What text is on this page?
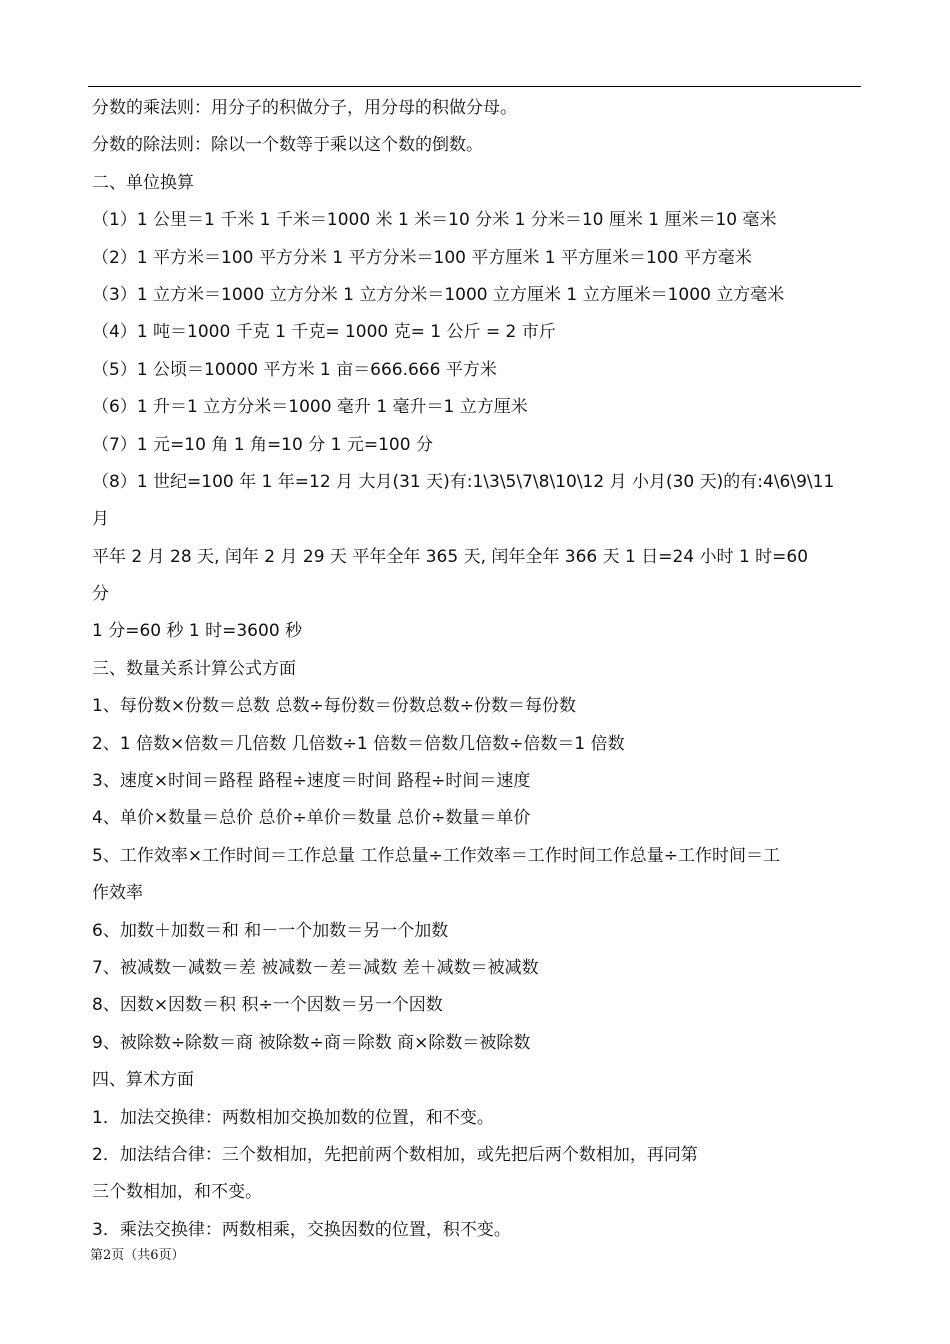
分数的乘法则：用分子的积做分子，用分母的积做分母。
分数的除法则：除以一个数等于乘以这个数的倒数。
二、单位换算
（1）1 公里＝1 千米 1 千米＝1000 米 1 米＝10 分米 1 分米＝10 厘米 1 厘米＝10 毫米
（2）1 平方米＝100 平方分米 1 平方分米＝100 平方厘米 1 平方厘米＝100 平方毫米
（3）1 立方米＝1000 立方分米 1 立方分米＝1000 立方厘米 1 立方厘米＝1000 立方毫米
（4）1 吨＝1000 千克 1 千克= 1000 克= 1 公斤 = 2 市斤
（5）1 公顷＝10000 平方米 1 亩＝666.666 平方米
（6）1 升＝1 立方分米＝1000 毫升 1 毫升＝1 立方厘米
（7）1 元=10 角 1 角=10 分 1 元=100 分
（8）1 世纪=100 年 1 年=12 月 大月(31 天)有:1\3\5\7\8\10\12 月 小月(30 天)的有:4\6\9\11
月
平年 2 月 28 天, 闰年 2 月 29 天 平年全年 365 天, 闰年全年 366 天 1 日=24 小时 1 时=60
分
1 分=60 秒 1 时=3600 秒
三、数量关系计算公式方面
1、每份数×份数＝总数 总数÷每份数＝份数总数÷份数＝每份数
2、1 倍数×倍数＝几倍数 几倍数÷1 倍数＝倍数几倍数÷倍数＝1 倍数
3、速度×时间＝路程 路程÷速度＝时间 路程÷时间＝速度
4、单价×数量＝总价 总价÷单价＝数量 总价÷数量＝单价
5、工作效率×工作时间＝工作总量 工作总量÷工作效率＝工作时间工作总量÷工作时间＝工
作效率
6、加数＋加数＝和 和－一个加数＝另一个加数
7、被减数－减数＝差 被减数－差＝减数 差＋减数＝被减数
8、因数×因数＝积 积÷一个因数＝另一个因数
9、被除数÷除数＝商 被除数÷商＝除数 商×除数＝被除数
四、算术方面
1．加法交换律：两数相加交换加数的位置，和不变。
2．加法结合律：三个数相加，先把前两个数相加，或先把后两个数相加，再同第
三个数相加，和不变。
3．乘法交换律：两数相乘，交换因数的位置，积不变。
第2页（共6页）
